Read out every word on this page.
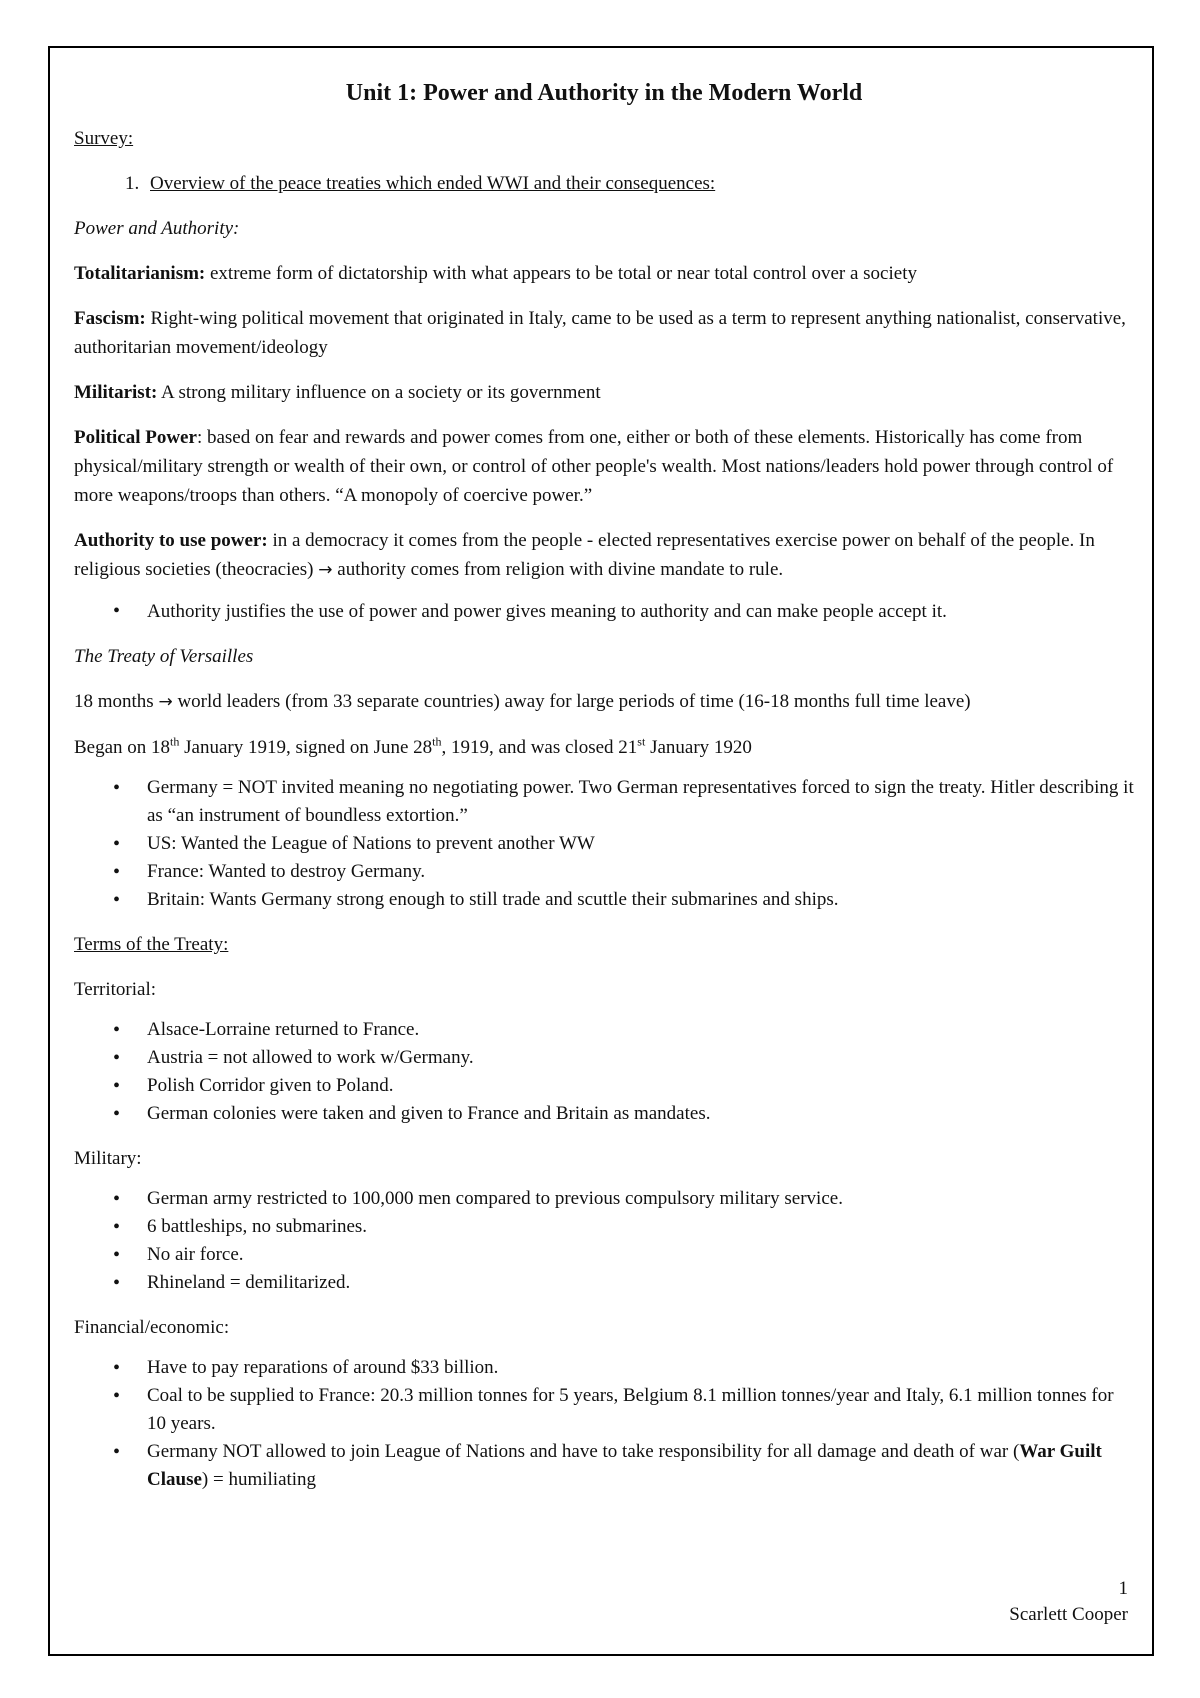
Unit 1: Power and Authority in the Modern World

Survey:

1. Overview of the peace treaties which ended WWI and their consequences:

Power and Authority:

Totalitarianism: extreme form of dictatorship with what appears to be total or near total control over a society

Fascism: Right-wing political movement that originated in Italy, came to be used as a term to represent anything nationalist, conservative, authoritarian movement/ideology

Militarist: A strong military influence on a society or its government

Political Power: based on fear and rewards and power comes from one, either or both of these elements. Historically has come from physical/military strength or wealth of their own, or control of other people's wealth. Most nations/leaders hold power through control of more weapons/troops than others. “A monopoly of coercive power.”

Authority to use power: in a democracy it comes from the people - elected representatives exercise power on behalf of the people. In religious societies (theocracies) → authority comes from religion with divine mandate to rule.

• Authority justifies the use of power and power gives meaning to authority and can make people accept it.

The Treaty of Versailles

18 months → world leaders (from 33 separate countries) away for large periods of time (16-18 months full time leave)

Began on 18th January 1919, signed on June 28th, 1919, and was closed 21st January 1920

• Germany = NOT invited meaning no negotiating power. Two German representatives forced to sign the treaty. Hitler describing it as “an instrument of boundless extortion.”
• US: Wanted the League of Nations to prevent another WW
• France: Wanted to destroy Germany.
• Britain: Wants Germany strong enough to still trade and scuttle their submarines and ships.

Terms of the Treaty:

Territorial:

• Alsace-Lorraine returned to France.
• Austria = not allowed to work w/Germany.
• Polish Corridor given to Poland.
• German colonies were taken and given to France and Britain as mandates.

Military:

• German army restricted to 100,000 men compared to previous compulsory military service.
• 6 battleships, no submarines.
• No air force.
• Rhineland = demilitarized.

Financial/economic:

• Have to pay reparations of around $33 billion.
• Coal to be supplied to France: 20.3 million tonnes for 5 years, Belgium 8.1 million tonnes/year and Italy, 6.1 million tonnes for 10 years.
• Germany NOT allowed to join League of Nations and have to take responsibility for all damage and death of war (War Guilt Clause) = humiliating
1
Scarlett Cooper
